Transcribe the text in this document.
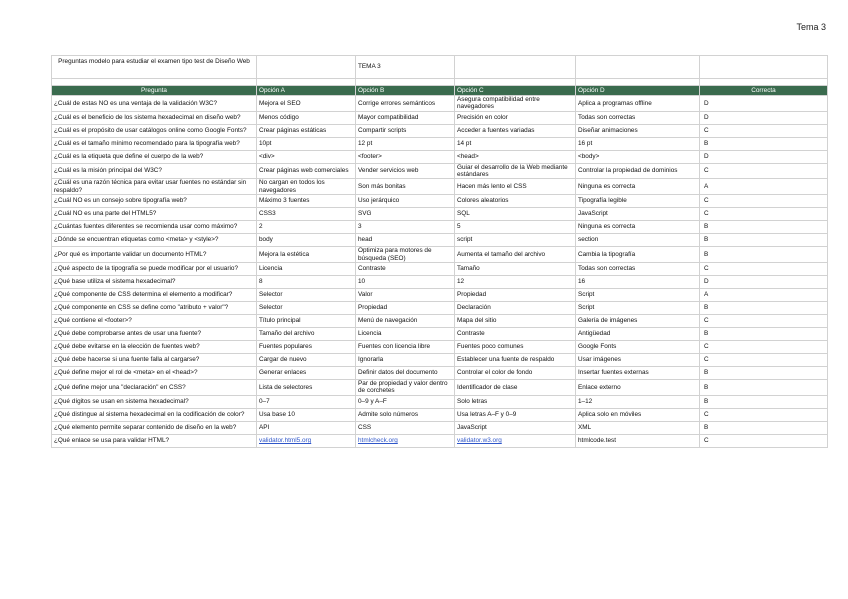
Tema 3
Preguntas modelo para estudiar el examen tipo test de Diseño Web		TEMA 3			

Pregunta	Opción A	Opción B	Opción C	Opción D	Correcta
¿Cuál de estas NO es una ventaja de la validación W3C?	Mejora el SEO	Corrige errores semánticos	Asegura compatibilidad entre navegadores	Aplica a programas offline	D
¿Cuál es el beneficio de los sistema hexadecimal en diseño web?	Menos código	Mayor compatibilidad	Precisión en color	Todas son correctas	D
¿Cuál es el propósito de usar catálogos online como Google Fonts?	Crear páginas estáticas	Compartir scripts	Acceder a fuentes variadas	Diseñar animaciones	C
¿Cuál es el tamaño mínimo recomendado para la tipografía web?	10pt	12 pt	14 pt	16 pt	B
¿Cuál es la etiqueta que define el cuerpo de la web?	<div>	<footer>	<head>	<body>	D
¿Cuál es la misión principal del W3C?	Crear páginas web comerciales	Vender servicios web	Guiar el desarrollo de la Web mediante estándares	Controlar la propiedad de dominios	C
¿Cuál es una razón técnica para evitar usar fuentes no estándar sin respaldo?	No cargan en todos los navegadores	Son más bonitas	Hacen más lento el CSS	Ninguna es correcta	A
¿Cuál NO es un consejo sobre tipografía web?	Máximo 3 fuentes	Uso jerárquico	Colores aleatorios	Tipografía legible	C
¿Cuál NO es una parte del HTML5?	CSS3	SVG	SQL	JavaScript	C
¿Cuántas fuentes diferentes se recomienda usar como máximo?	2	3	5	Ninguna es correcta	B
¿Dónde se encuentran etiquetas como <meta> y <style>?	body	head	script	section	B
¿Por qué es importante validar un documento HTML?	Mejora la estética	Optimiza para motores de búsqueda (SEO)	Aumenta el tamaño del archivo	Cambia la tipografía	B
¿Qué aspecto de la tipografía se puede modificar por el usuario?	Licencia	Contraste	Tamaño	Todas son correctas	C
¿Qué base utiliza el sistema hexadecimal?	8	10	12	16	D
¿Qué componente de CSS determina el elemento a modificar?	Selector	Valor	Propiedad	Script	A
¿Qué componente en CSS se define como "atributo + valor"?	Selector	Propiedad	Declaración	Script	B
¿Qué contiene el <footer>?	Título principal	Menú de navegación	Mapa del sitio	Galería de imágenes	C
¿Qué debe comprobarse antes de usar una fuente?	Tamaño del archivo	Licencia	Contraste	Antigüedad	B
¿Qué debe evitarse en la elección de fuentes web?	Fuentes populares	Fuentes con licencia libre	Fuentes poco comunes	Google Fonts	C
¿Qué debe hacerse si una fuente falla al cargarse?	Cargar de nuevo	Ignorarla	Establecer una fuente de respaldo	Usar imágenes	C
¿Qué define mejor el rol de <meta> en el <head>?	Generar enlaces	Definir datos del documento	Controlar el color de fondo	Insertar fuentes externas	B
¿Qué define mejor una "declaración" en CSS?	Lista de selectores	Par de propiedad y valor dentro de corchetes	Identificador de clase	Enlace externo	B
¿Qué dígitos se usan en sistema hexadecimal?	0–7	0–9 y A–F	Solo letras	1–12	B
¿Qué distingue al sistema hexadecimal en la codificación de color?	Usa base 10	Admite solo números	Usa letras A–F y 0–9	Aplica solo en móviles	C
¿Qué elemento permite separar contenido de diseño en la web?	API	CSS	JavaScript	XML	B
¿Qué enlace se usa para validar HTML?	validator.html5.org	htmlcheck.org	validator.w3.org	htmlcode.test	C
